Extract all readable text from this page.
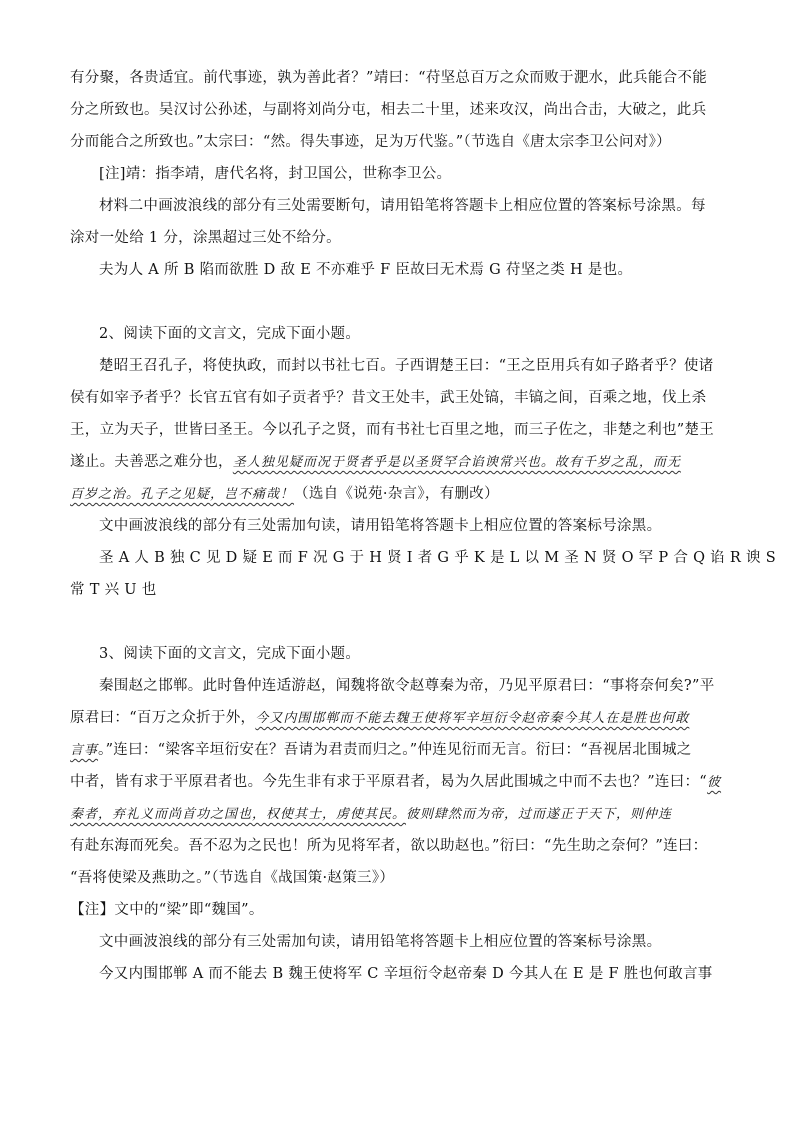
有分聚，各贵适宜。前代事迹，孰为善此者？”靖曰：“苻坚总百万之众而败于淝水，此兵能合不能
分之所致也。吴汉讨公孙述，与副将刘尚分屯，相去二十里，述来攻汉，尚出合击，大破之，此兵
分而能合之所致也。”太宗曰：“然。得失事迹，足为万代鉴。”（节选自《唐太宗李卫公问对》）
[注]靖：指李靖，唐代名将，封卫国公，世称李卫公。
材料二中画波浪线的部分有三处需要断句，请用铅笔将答题卡上相应位置的答案标号涂黑。每
涂对一处给 1 分，涂黑超过三处不给分。
夫为人 A 所 B 陷而欲胜 D 敌 E 不亦难乎 F 臣故曰无术焉 G 苻坚之类 H 是也。
2、阅读下面的文言文，完成下面小题。
楚昭王召孔子，将使执政，而封以书社七百。子西谓楚王曰：“王之臣用兵有如子路者乎？使诸
侯有如宰予者乎？长官五官有如子贡者乎？昔文王处丰，武王处镐，丰镐之间，百乘之地，伐上杀
王，立为天子，世皆曰圣王。今以孔子之贤，而有书社七百里之地，而三子佐之，非楚之利也”楚王
遂止。夫善恶之难分也，圣人独见疑而况于贤者乎是以圣贤罕合谄谀常兴也。故有千岁之乱，而无
百岁之治。孔子之见疑，岂不痛哉！（选自《说苑·杂言》，有删改）
文中画波浪线的部分有三处需加句读，请用铅笔将答题卡上相应位置的答案标号涂黑。
圣 A 人 B 独 C 见 D 疑 E 而 F 况 G 于 H 贤 I 者 G 乎 K 是 L 以 M 圣 N 贤 O 罕 P 合 Q 谄 R 谀 S
常 T 兴 U 也
3、阅读下面的文言文，完成下面小题。
秦围赵之邯郸。此时鲁仲连适游赵，闻魏将欲令赵尊秦为帝，乃见平原君曰：“事将奈何矣?”平
原君曰：“百万之众折于外，今又内围邯郸而不能去魏王使将军辛垣衍令赵帝秦今其人在是胜也何敢
言事。”连曰：“梁客辛垣衍安在？吾请为君责而归之。”仲连见衍而无言。衍曰：“吾视居北围城之
中者，皆有求于平原君者也。今先生非有求于平原君者，曷为久居此围城之中而不去也？”连曰：“彼
秦者，弃礼义而尚首功之国也，权使其士，虏使其民。彼则肆然而为帝，过而遂正于天下，则仲连
有赴东海而死矣。吾不忍为之民也！所为见将军者，欲以助赵也。”衍曰：“先生助之奈何？”连曰：
“吾将使梁及燕助之。”（节选自《战国策·赵策三》）
【注】文中的“梁”即“魏国”。
文中画波浪线的部分有三处需加句读，请用铅笔将答题卡上相应位置的答案标号涂黑。
今又内围邯郸 A 而不能去 B 魏王使将军 C 辛垣衍令赵帝秦 D 今其人在 E 是 F 胜也何敢言事
